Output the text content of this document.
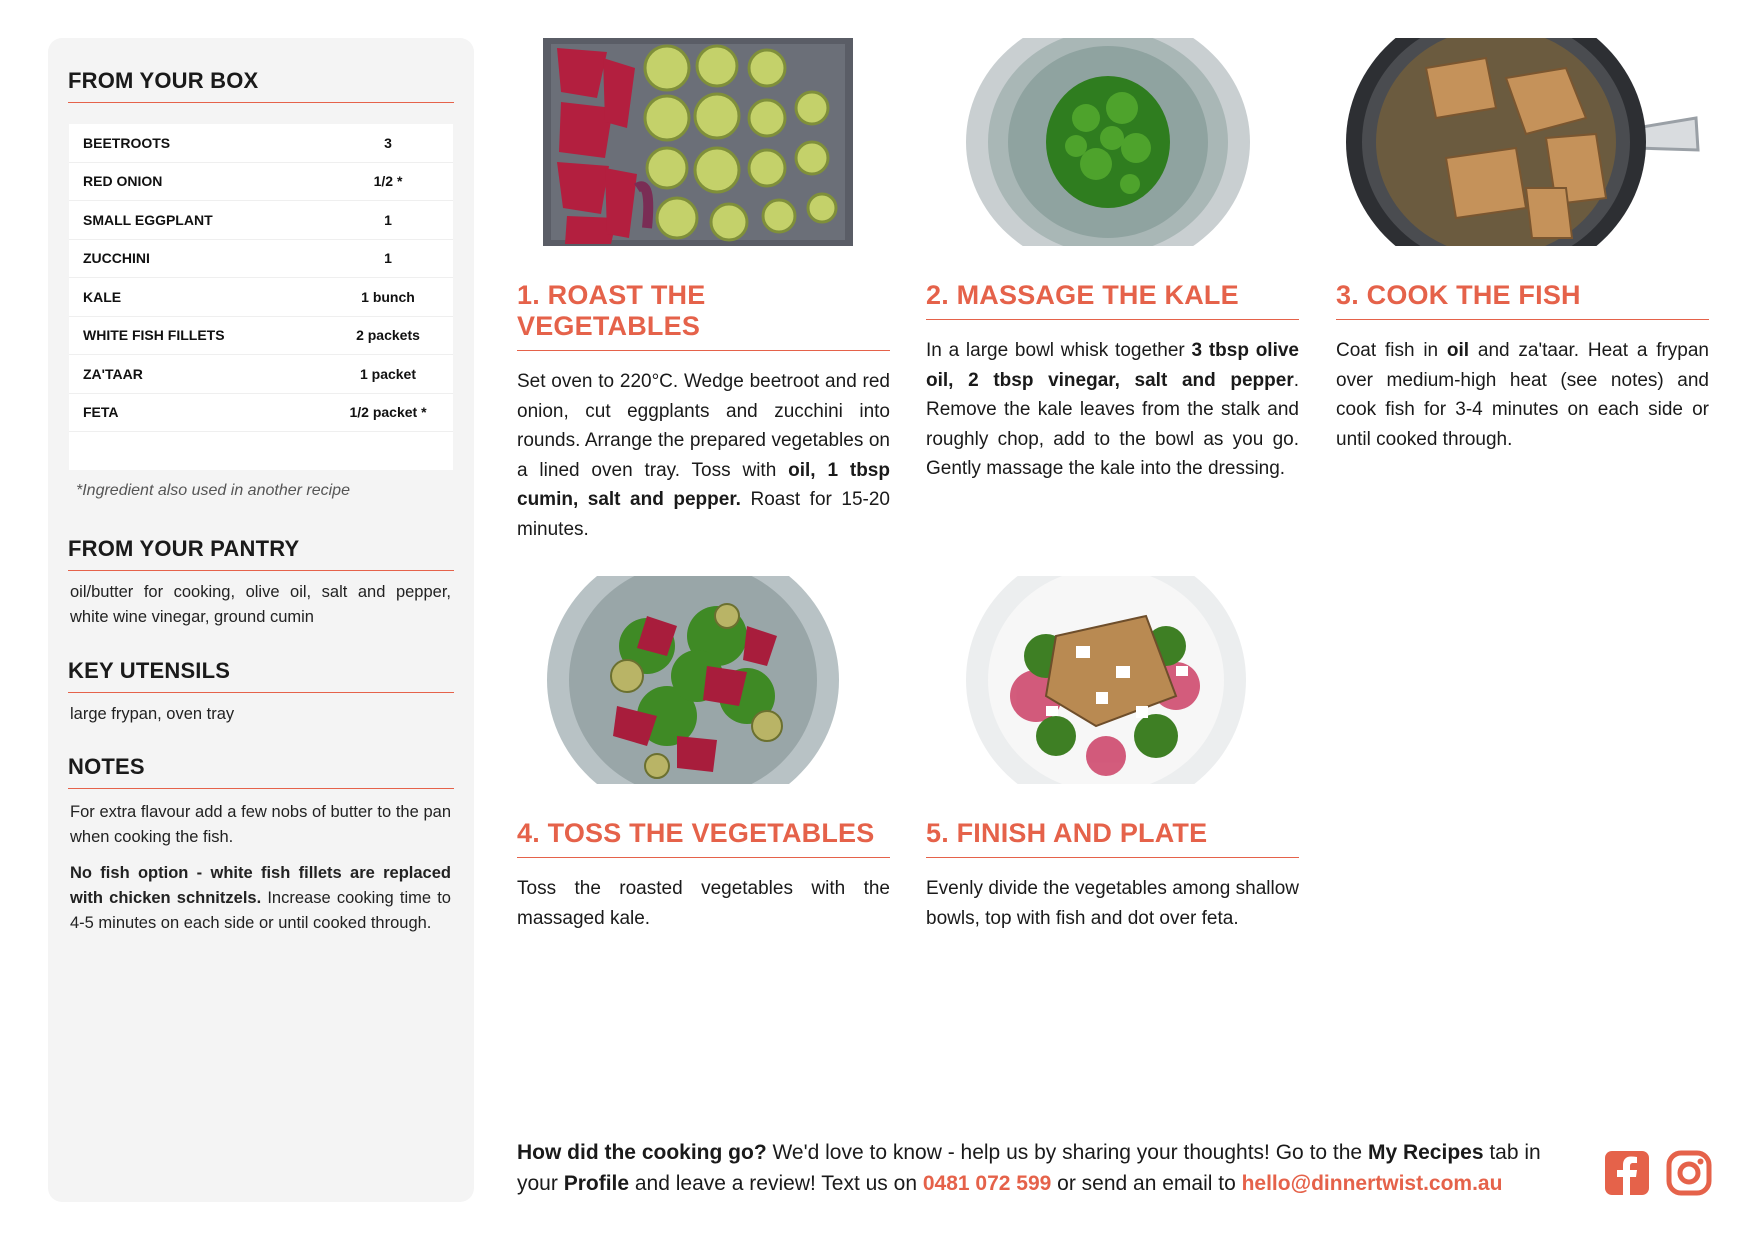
FROM YOUR BOX
BEETROOTS	3
RED ONION	1/2 *
SMALL EGGPLANT	1
ZUCCHINI	1
KALE	1 bunch
WHITE FISH FILLETS	2 packets
ZA'TAAR	1 packet
FETA	1/2 packet *
*Ingredient also used in another recipe
FROM YOUR PANTRY
oil/butter for cooking, olive oil, salt and pepper, white wine vinegar, ground cumin
KEY UTENSILS
large frypan, oven tray
NOTES
For extra flavour add a few nobs of butter to the pan when cooking the fish.
No fish option - white fish fillets are replaced with chicken schnitzels. Increase cooking time to 4-5 minutes on each side or until cooked through.
1. ROAST THE VEGETABLES
Set oven to 220°C. Wedge beetroot and red onion, cut eggplants and zucchini into rounds. Arrange the prepared vegetables on a lined oven tray. Toss with oil, 1 tbsp cumin, salt and pepper. Roast for 15-20 minutes.
2. MASSAGE THE KALE
In a large bowl whisk together 3 tbsp olive oil, 2 tbsp vinegar, salt and pepper. Remove the kale leaves from the stalk and roughly chop, add to the bowl as you go. Gently massage the kale into the dressing.
3. COOK THE FISH
Coat fish in oil and za'taar. Heat a frypan over medium-high heat (see notes) and cook fish for 3-4 minutes on each side or until cooked through.
4. TOSS THE VEGETABLES
Toss the roasted vegetables with the massaged kale.
5. FINISH AND PLATE
Evenly divide the vegetables among shallow bowls, top with fish and dot over feta.
How did the cooking go? We'd love to know - help us by sharing your thoughts! Go to the My Recipes tab in your Profile and leave a review! Text us on 0481 072 599 or send an email to hello@dinnertwist.com.au
